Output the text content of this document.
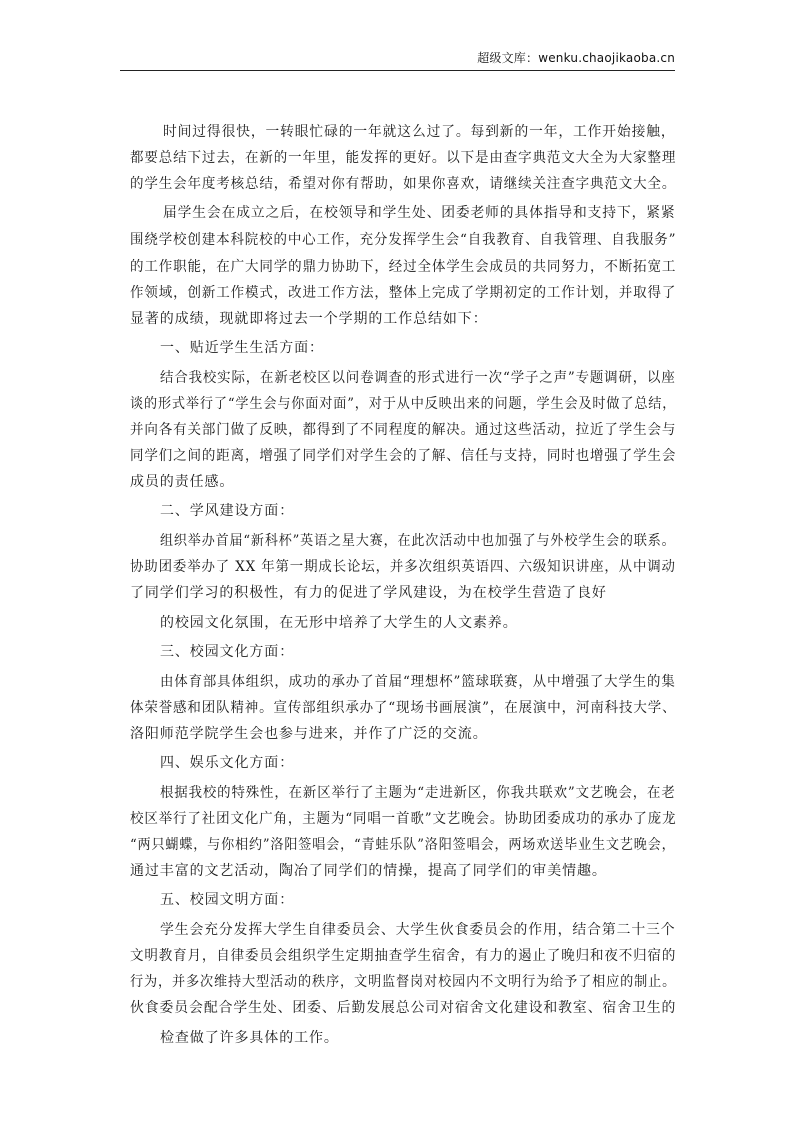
超级文库：wenku.chaojikaoba.cn
时间过得很快，一转眼忙碌的一年就这么过了。每到新的一年，工作开始接触，
都要总结下过去，在新的一年里，能发挥的更好。以下是由查字典范文大全为大家整理
的学生会年度考核总结，希望对你有帮助，如果你喜欢，请继续关注查字典范文大全。
届学生会在成立之后，在校领导和学生处、团委老师的具体指导和支持下，紧紧
围绕学校创建本科院校的中心工作，充分发挥学生会“自我教育、自我管理、自我服务”
的工作职能，在广大同学的鼎力协助下，经过全体学生会成员的共同努力，不断拓宽工
作领域，创新工作模式，改进工作方法，整体上完成了学期初定的工作计划，并取得了
显著的成绩，现就即将过去一个学期的工作总结如下：
一、贴近学生生活方面：
结合我校实际，在新老校区以问卷调查的形式进行一次“学子之声”专题调研，以座
谈的形式举行了“学生会与你面对面”，对于从中反映出来的问题，学生会及时做了总结，
并向各有关部门做了反映，都得到了不同程度的解决。通过这些活动，拉近了学生会与
同学们之间的距离，增强了同学们对学生会的了解、信任与支持，同时也增强了学生会
成员的责任感。
二、学风建设方面：
组织举办首届“新科杯”英语之星大赛，在此次活动中也加强了与外校学生会的联系。
协助团委举办了 XX 年第一期成长论坛，并多次组织英语四、六级知识讲座，从中调动
了同学们学习的积极性，有力的促进了学风建设，为在校学生营造了良好
的校园文化氛围，在无形中培养了大学生的人文素养。
三、校园文化方面：
由体育部具体组织，成功的承办了首届“理想杯”篮球联赛，从中增强了大学生的集
体荣誉感和团队精神。宣传部组织承办了“现场书画展演”，在展演中，河南科技大学、
洛阳师范学院学生会也参与进来，并作了广泛的交流。
四、娱乐文化方面：
根据我校的特殊性，在新区举行了主题为“走进新区，你我共联欢”文艺晚会，在老
校区举行了社团文化广角，主题为“同唱一首歌”文艺晚会。协助团委成功的承办了庞龙
“两只蝴蝶，与你相约”洛阳签唱会，“青蛙乐队”洛阳签唱会，两场欢送毕业生文艺晚会，
通过丰富的文艺活动，陶冶了同学们的情操，提高了同学们的审美情趣。
五、校园文明方面：
学生会充分发挥大学生自律委员会、大学生伙食委员会的作用，结合第二十三个
文明教育月，自律委员会组织学生定期抽查学生宿舍，有力的遏止了晚归和夜不归宿的
行为，并多次维持大型活动的秩序，文明监督岗对校园内不文明行为给予了相应的制止。
伙食委员会配合学生处、团委、后勤发展总公司对宿舍文化建设和教室、宿舍卫生的
检查做了许多具体的工作。
